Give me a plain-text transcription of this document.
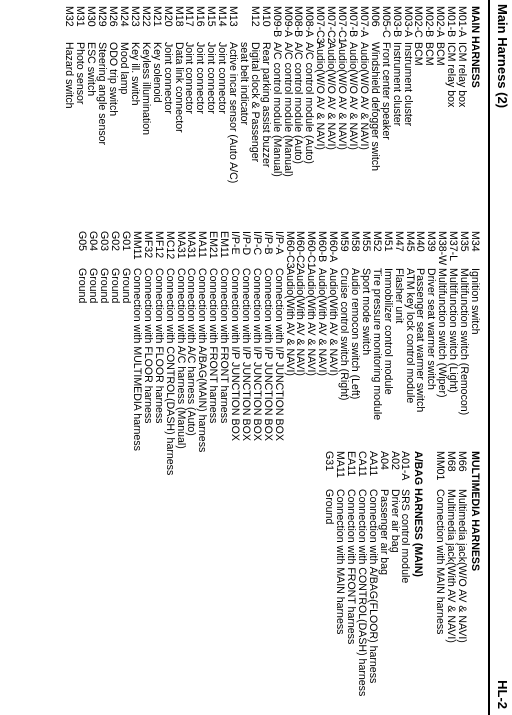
Main Harness (2)
HL-2
MAIN HARNESS
M01-A
ICM relay box
M01-B
ICM relay box
M02-A
BCM
M02-B
BCM
M02-C
BCM
M03-A
Instrument cluster
M03-B
Instrument cluster
M05-C
Front center speaker
M06
Windshield defogger switch
M07-A
Audio(W/O AV & NAVI)
M07-B
Audio(W/O AV & NAVI)
M07-C1
Audio(W/O AV & NAVI)
M07-C2
Audio(W/O AV & NAVI)
M07-C3
Audio(W/O AV & NAVI)
M08-A
A/C control module (Auto)
M08-B
A/C control module (Auto)
M09-A
A/C control module (Manual)
M09-B
A/C control module (Manual)
M10
Rear parking assist buzzer
M12
Digital clock & Passenger
seat belt indicator
M13
Active incar sensor (Auto A/C)
M14
Joint connector
M15
Joint connector
M16
Joint connector
M17
Joint connector
M18
Data link connector
M20
Joint connector
M21
Key solenoid
M22
Keyless illumination
M23
Key ill. switch
M24
Mood lamp
M26
ODO trip switch
M29
Steering angle sensor
M30
ESC switch
M31
Photo sensor
M32
Hazard switch
M34
Ignition switch
M35
Multifunction switch (Remocon)
M37-L
Multifunction switch (Light)
M38-W
Multifunction switch (Wiper)
M39
Driver seat warmer switch
M40
Passenger seat warmer switch
M45
ATM key lock control module
M47
Flasher unit
M51
Immobilizer control module
M52
Tire pressure monitoring module
M55
Sport mode switch
M58
Audio remocon switch (Left)
M59
Cruise control switch (Right)
M60-A
Audio(With AV & NAVI)
M60-B
Audio(With AV & NAVI)
M60-C1
Audio(With AV & NAVI)
M60-C2
Audio(With AV & NAVI)
M60-C3
Audio(With AV & NAVI)
I/P-A
Connection with I/P JUNCTION BOX
I/P-B
Connection with I/P JUNCTION BOX
I/P-C
Connection with I/P JUNCTION BOX
I/P-D
Connection with I/P JUNCTION BOX
I/P-E
Connection with I/P JUNCTION BOX
EM11
Connection with FRONT harness
EM21
Connection with FRONT harness
MA11
Connection with A/BAG(MAIN) harness
MA31
Connection with A/C harness (Auto)
MA31
Connection with A/C harness (Manual)
MC12
Connection with CONTROL(DASH) harness
MF12
Connection with FLOOR harness
MF32
Connection with FLOOR harness
MM11
Connection with MULTIMEDIA harness
G01
Ground
G02
Ground
G03
Ground
G04
Ground
G05
Ground
MULTIMEDIA HARNESS
M66
Multimedia jack(W/O AV & NAVI)
M68
Multimedia jack(With AV & NAVI)
MM01
Connection with MAIN harness
A/BAG HARNESS (MAIN)
A01-A
SRS control module
A02
Driver air bag
A04
Passenger air bag
AA11
Connection with A/BAG(FLOOR) harness
CA11
Connection with CONTROL(DASH) harness
EA11
Connection with FRONT harness
MA11
Connection with MAIN harness
G31
Ground
